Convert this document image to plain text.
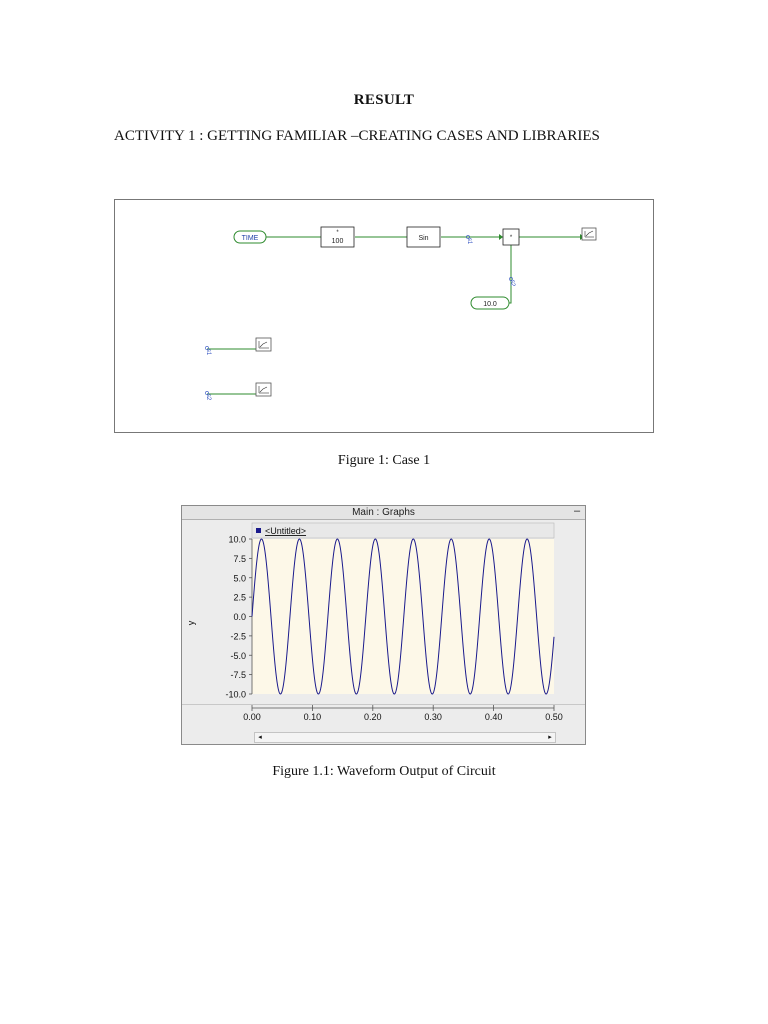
RESULT
ACTIVITY 1 : GETTING FAMILIAR –CREATING CASES AND LIBRARIES
TIME
*
100	Sin	s1	*
s2
10.0
s1
s2
Figure 1: Case 1
Main : Graphs	–
<Untitled>
10.0
7.5
5.0
2.5
0.0
-2.5
-5.0
-7.5
-10.0
0.00	0.10	0.20	0.30	0.40	0.50
y
◂	▸
Figure 1.1: Waveform Output of Circuit
